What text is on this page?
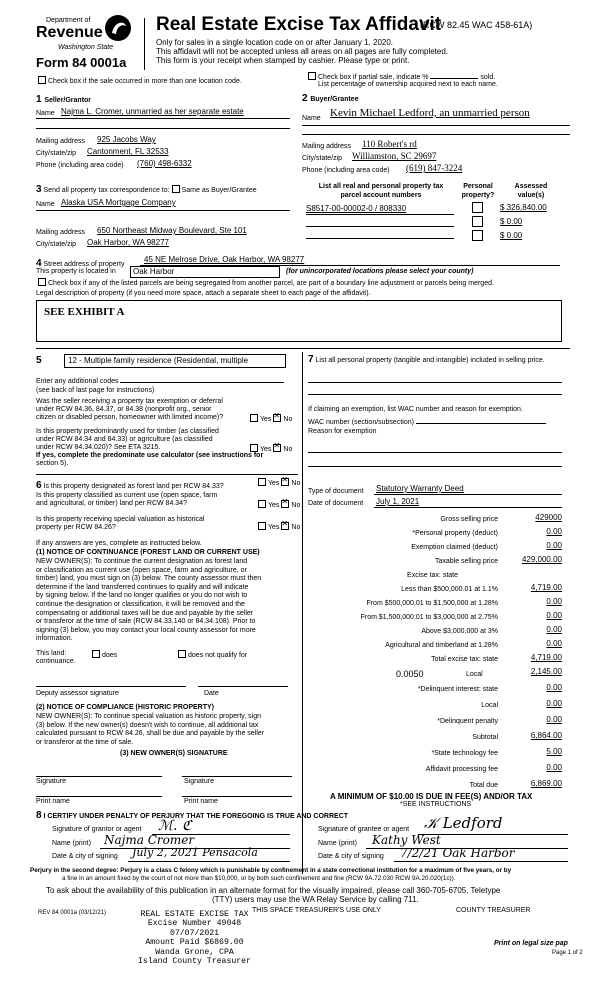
Department of
Revenue
Washington State
Form 84 0001a
Real Estate Excise Tax Affidavit
(RCW 82.45 WAC 458-61A)
Only for sales in a single location code on or after January 1, 2020.
This affidavit will not be accepted unless all areas on all pages are fully completed.
This form is your receipt when stamped by cashier. Please type or print.
Check box if the sale occurred in more than one location code.
Check box if partial sale, indicate %	sold.
List percentage of ownership acquired next to each name.
1 Seller/Grantor
Name Najma L. Cromer, unmarried as her separate estate
Mailing address 925 Jacobs Way
City/state/zip Cantonment, FL 32533
Phone (including area code) (760) 498-6332
2 Buyer/Grantee
Name Kevin Michael Ledford, an unmarried person
Mailing address 110 Robert's rd
City/state/zip Williamston, SC 29697
Phone (including area code) (619) 847-3224
3 Send all property tax correspondence to: Same as Buyer/Grantee
Name Alaska USA Mortgage Company
Mailing address 650 Northeast Midway Boulevard, Ste 101
City/state/zip Oak Harbor, WA 98277
List all real and personal property tax parcel account numbers
Personal property?
Assessed value(s)
S8517-00-00002-0 / 808330	$ 326,840.00
$ 0.00
$ 0.00
4 Street address of property
45 NE Melrose Drive, Oak Harbor, WA 98277
This property is located in Oak Harbor	(for unincorporated locations please select your county)
Check box if any of the listed parcels are being segregated from another parcel, are part of a boundary line adjustment or parcels being merged.
Legal description of property (if you need more space, attach a separate sheet to each page of the affidavit).
SEE EXHIBIT A
5	12 - Multiple family residence (Residential, multiple
Enter any additional codes
(see back of last page for instructions)
Was the seller receiving a property tax exemption or deferral
under RCW 84.36, 84.37, or 84.38 (nonprofit org., senior
citizen or disabled person, homeowner with limited income)?	Yes ✕ No
Is this property predominantly used for timber (as classified
under RCW 84.34 and 84.33) or agriculture (as classified
under RCW 84.34.020)? See ETA 3215.	Yes ✕ No
If yes, complete the predominate use calculator (see instructions for
section 5).
6 Is this property designated as forest land per RCW 84.33?	Yes ✕ No
Is this property classified as current use (open space, farm
and agricultural, or timber) land per RCW 84.34?	Yes ✕ No
Is this property receiving special valuation as historical
property per RCW 84.26?	Yes ✕ No
If any answers are yes, complete as instructed below.
(1) NOTICE OF CONTINUANCE (FOREST LAND OR CURRENT USE)
NEW OWNER(S): To continue the current designation as forest land
or classification as current use (open space, farm and agriculture, or
timber) land, you must sign on (3) below. The county assessor must then
determine if the land transferred continues to qualify and will indicate
by signing below. If the land no longer qualifies or you do not wish to
continue the designation or classification, it will be removed and the
compensating or additional taxes will be due and payable by the seller
or transferor at the time of sale (RCW 84.33.140 or 84.34.108). Prior to
signing (3) below, you may contact your local county assessor for more
information.
This land:	does	does not qualify for
continuance.
Deputy assessor signature	Date
(2) NOTICE OF COMPLIANCE (HISTORIC PROPERTY)
NEW OWNER(S): To continue special valuation as historic property, sign
(3) below. If the new owner(s) doesn't wish to continue, all additional tax
calculated pursuant to RCW 84.26, shall be due and payable by the seller
or transferor at the time of sale.
(3) NEW OWNER(S) SIGNATURE
Signature	Signature
Print name	Print name
7 List all personal property (tangible and intangible) included in selling price.
If claiming an exemption, list WAC number and reason for exemption.
WAC number (section/subsection)
Reason for exemption
Type of document Statutory Warranty Deed
Date of document July 1, 2021
Gross selling price	429000
*Personal property (deduct)	0.00
Exemption claimed (deduct)	0.00
Taxable selling price	429,000.00
Excise tax: state
Less than $500,000.01 at 1.1%	4,719.00
From $500,000.01 to $1,500,000 at 1.28%	0.00
From $1,500,000.01 to $3,000,000 at 2.75%	0.00
Above $3,000,000 at 3%	0.00
Agricultural and timberland at 1.28%	0.00
Total excise tax: state	4,719.00
0.0050	Local	2,145.00
*Delinquent interest: state	0.00
Local	0.00
*Delinquent penalty	0.00
Subtotal	6,864.00
*State technology fee	5.00
Affidavit processing fee	0.00
Total due	6,869.00
A MINIMUM OF $10.00 IS DUE IN FEE(S) AND/OR TAX
*SEE INSTRUCTIONS
8 I CERTIFY UNDER PENALTY OF PERJURY THAT THE FOREGOING IS TRUE AND CORRECT
Signature of grantor or agent ℳ. ℭ
Name (print) Najma Cromer
Date & city of signing July 2, 2021 Pensacola
Signature of grantee or agent 𝒦 Ledford
Name (print) Kathy West
Date & city of signing 7/2/21 Oak Harbor
Perjury in the second degree: Perjury is a class C felony which is punishable by confinement in a state correctional institution for a maximum of five years, or by
a fine in an amount fixed by the court of not more than $10,000, or by both such confinement and fine (RCW 9A.72.030 RCW 9A.20.020(1c)).
To ask about the availability of this publication in an alternate format for the visually impaired, please call 360-705-6705. Teletype
(TTY) users may use the WA Relay Service by calling 711.
REV 84 0001a (03/12/21)	REAL ESTATE EXCISE TAX
Excise Number 49048
07/07/2021
Amount Paid $6869.00
Wanda Grone, CPA
Island County Treasurer
THIS SPACE TREASURER'S USE ONLY	COUNTY TREASURER
Print on legal size pap
Page 1 of 2
